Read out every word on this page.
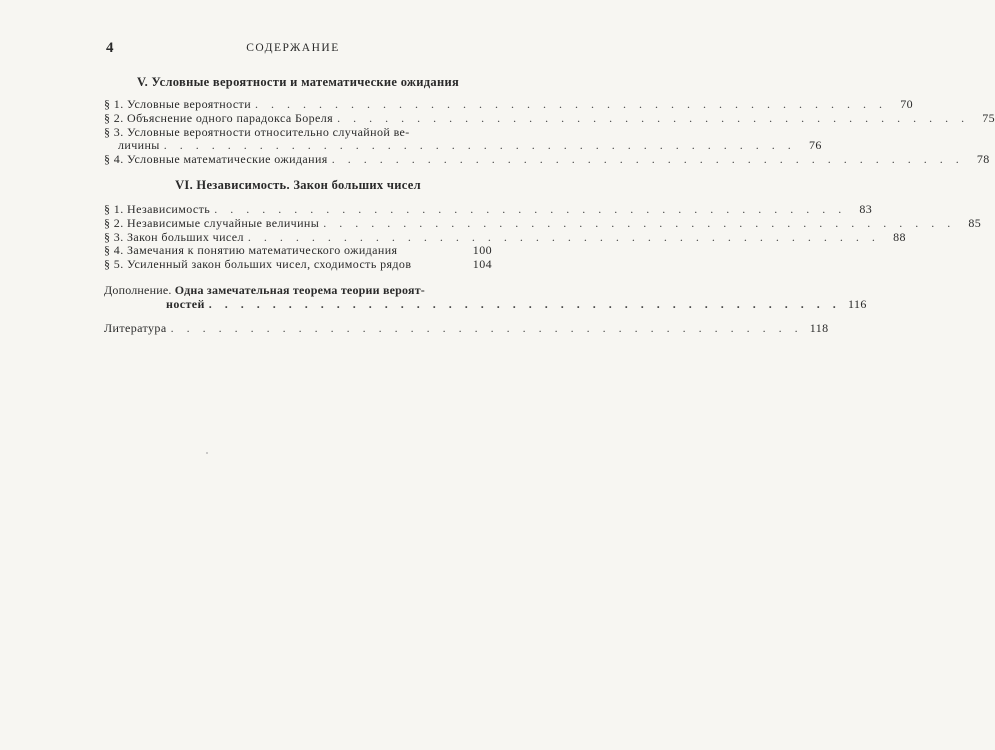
4	СОДЕРЖАНИЕ
V. Условные вероятности и математические ожидания
§ 1. Условные вероятности . . . . . . . . . . . . . . . . . . . . . . . . . . . . . . . . . . . . . . . .	70
§ 2. Объяснение одного парадокса Бореля . . . . . . . . . . . . . . . . . . . . . . . . . . . . . . . . . . . . . . . .	75
§ 3. Условные вероятности относительно случайной ве-
личины . . . . . . . . . . . . . . . . . . . . . . . . . . . . . . . . . . . . . . . .	76
§ 4. Условные математические ожидания . . . . . . . . . . . . . . . . . . . . . . . . . . . . . . . . . . . . . . . .	78
VI. Независимость. Закон больших чисел
§ 1. Независимость . . . . . . . . . . . . . . . . . . . . . . . . . . . . . . . . . . . . . . . .	83
§ 2. Независимые случайные величины . . . . . . . . . . . . . . . . . . . . . . . . . . . . . . . . . . . . . . . .	85
§ 3. Закон больших чисел . . . . . . . . . . . . . . . . . . . . . . . . . . . . . . . . . . . . . . . .	88
§ 4. Замечания к понятию математического ожидания	100
§ 5. Усиленный закон больших чисел, сходимость рядов	104
Дополнение. Одна замечательная теорема теории вероят-
ностей . . . . . . . . . . . . . . . . . . . . . . . . . . . . . . . . . . . . . . . . 116
Литература . . . . . . . . . . . . . . . . . . . . . . . . . . . . . . . . . . . . . . . . 118
